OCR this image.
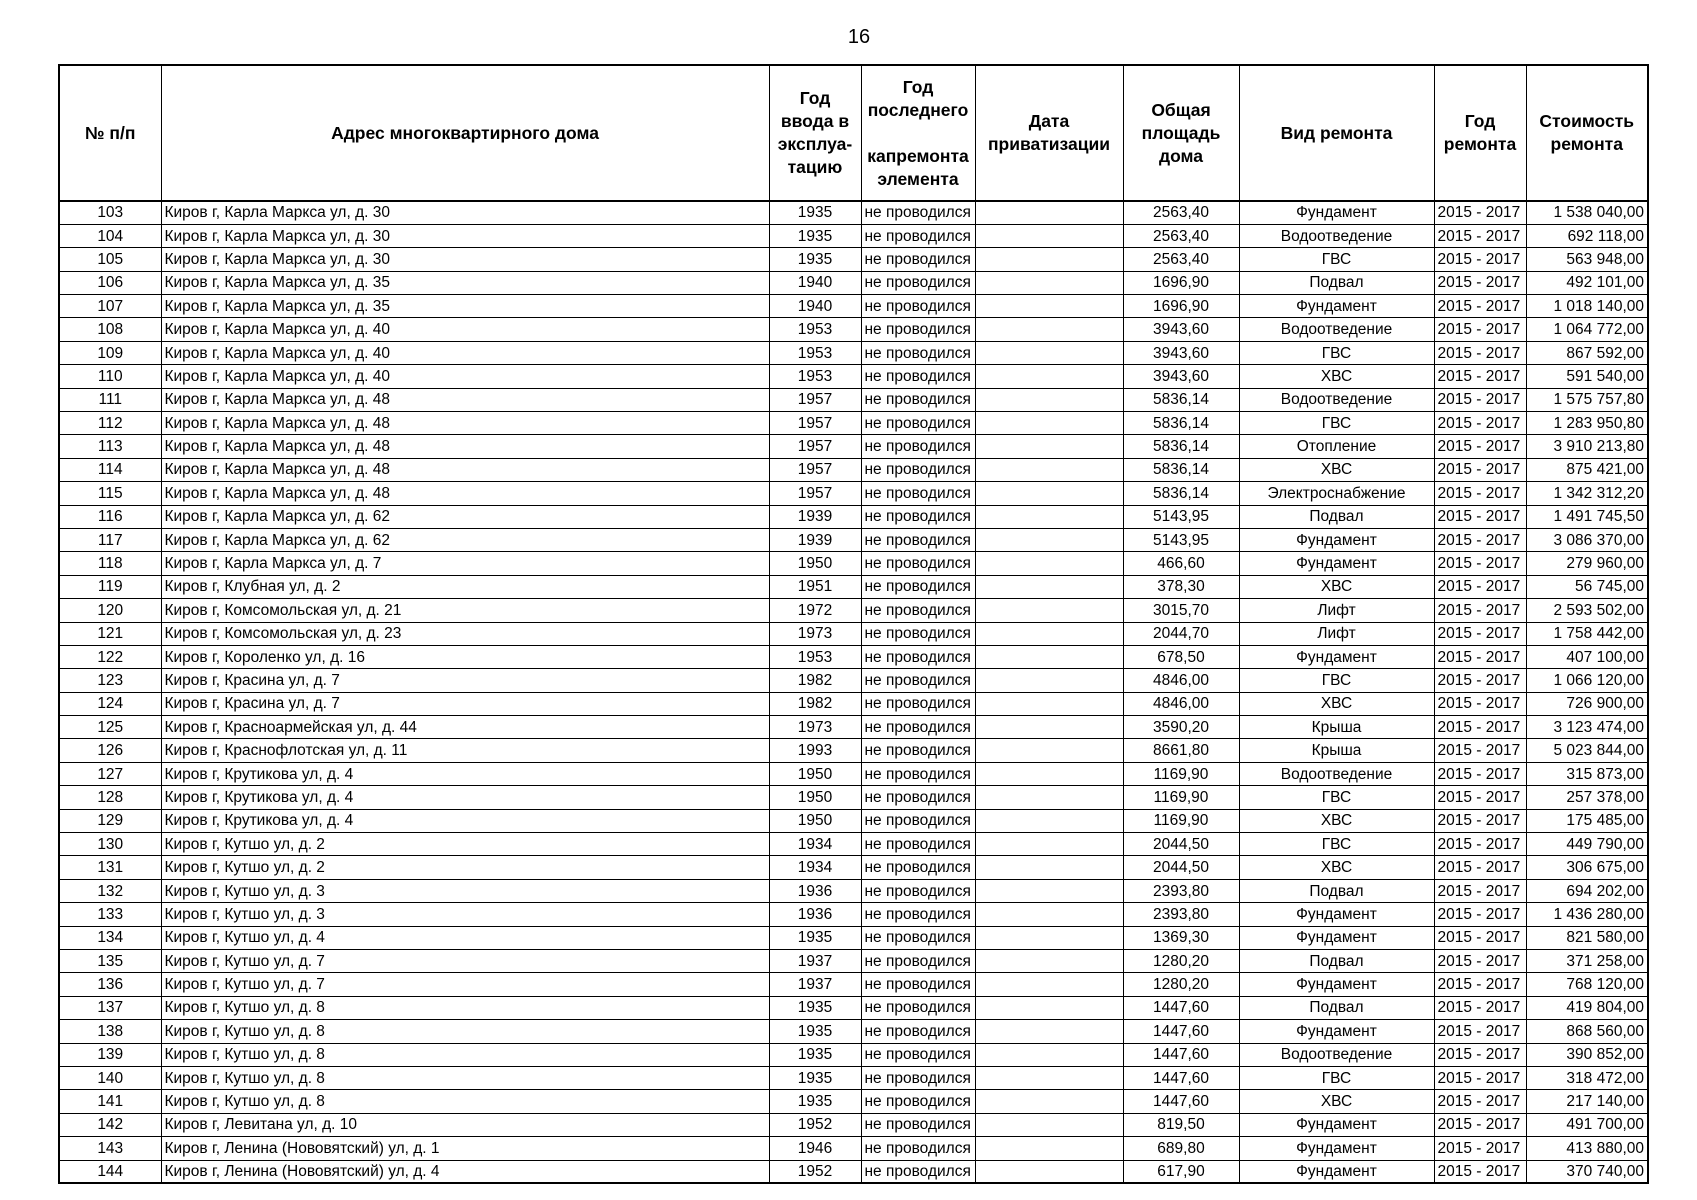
16
№ п/п	Адрес многоквартирного дома	Год ввода в эксплуа- тацию	Год последнего
капремонта элемента	Дата приватизации	Общая площадь дома	Вид ремонта	Год ремонта	Стоимость ремонта
103	Киров г, Карла Маркса ул, д. 30	1935	не проводился		2563,40	Фундамент	2015 - 2017	1 538 040,00
104	Киров г, Карла Маркса ул, д. 30	1935	не проводился		2563,40	Водоотведение	2015 - 2017	692 118,00
105	Киров г, Карла Маркса ул, д. 30	1935	не проводился		2563,40	ГВС	2015 - 2017	563 948,00
106	Киров г, Карла Маркса ул, д. 35	1940	не проводился		1696,90	Подвал	2015 - 2017	492 101,00
107	Киров г, Карла Маркса ул, д. 35	1940	не проводился		1696,90	Фундамент	2015 - 2017	1 018 140,00
108	Киров г, Карла Маркса ул, д. 40	1953	не проводился		3943,60	Водоотведение	2015 - 2017	1 064 772,00
109	Киров г, Карла Маркса ул, д. 40	1953	не проводился		3943,60	ГВС	2015 - 2017	867 592,00
110	Киров г, Карла Маркса ул, д. 40	1953	не проводился		3943,60	ХВС	2015 - 2017	591 540,00
111	Киров г, Карла Маркса ул, д. 48	1957	не проводился		5836,14	Водоотведение	2015 - 2017	1 575 757,80
112	Киров г, Карла Маркса ул, д. 48	1957	не проводился		5836,14	ГВС	2015 - 2017	1 283 950,80
113	Киров г, Карла Маркса ул, д. 48	1957	не проводился		5836,14	Отопление	2015 - 2017	3 910 213,80
114	Киров г, Карла Маркса ул, д. 48	1957	не проводился		5836,14	ХВС	2015 - 2017	875 421,00
115	Киров г, Карла Маркса ул, д. 48	1957	не проводился		5836,14	Электроснабжение	2015 - 2017	1 342 312,20
116	Киров г, Карла Маркса ул, д. 62	1939	не проводился		5143,95	Подвал	2015 - 2017	1 491 745,50
117	Киров г, Карла Маркса ул, д. 62	1939	не проводился		5143,95	Фундамент	2015 - 2017	3 086 370,00
118	Киров г, Карла Маркса ул, д. 7	1950	не проводился		466,60	Фундамент	2015 - 2017	279 960,00
119	Киров г, Клубная ул, д. 2	1951	не проводился		378,30	ХВС	2015 - 2017	56 745,00
120	Киров г, Комсомольская ул, д. 21	1972	не проводился		3015,70	Лифт	2015 - 2017	2 593 502,00
121	Киров г, Комсомольская ул, д. 23	1973	не проводился		2044,70	Лифт	2015 - 2017	1 758 442,00
122	Киров г, Короленко ул, д. 16	1953	не проводился		678,50	Фундамент	2015 - 2017	407 100,00
123	Киров г, Красина ул, д. 7	1982	не проводился		4846,00	ГВС	2015 - 2017	1 066 120,00
124	Киров г, Красина ул, д. 7	1982	не проводился		4846,00	ХВС	2015 - 2017	726 900,00
125	Киров г, Красноармейская ул, д. 44	1973	не проводился		3590,20	Крыша	2015 - 2017	3 123 474,00
126	Киров г, Краснофлотская ул, д. 11	1993	не проводился		8661,80	Крыша	2015 - 2017	5 023 844,00
127	Киров г, Крутикова ул, д. 4	1950	не проводился		1169,90	Водоотведение	2015 - 2017	315 873,00
128	Киров г, Крутикова ул, д. 4	1950	не проводился		1169,90	ГВС	2015 - 2017	257 378,00
129	Киров г, Крутикова ул, д. 4	1950	не проводился		1169,90	ХВС	2015 - 2017	175 485,00
130	Киров г, Кутшо ул, д. 2	1934	не проводился		2044,50	ГВС	2015 - 2017	449 790,00
131	Киров г, Кутшо ул, д. 2	1934	не проводился		2044,50	ХВС	2015 - 2017	306 675,00
132	Киров г, Кутшо ул, д. 3	1936	не проводился		2393,80	Подвал	2015 - 2017	694 202,00
133	Киров г, Кутшо ул, д. 3	1936	не проводился		2393,80	Фундамент	2015 - 2017	1 436 280,00
134	Киров г, Кутшо ул, д. 4	1935	не проводился		1369,30	Фундамент	2015 - 2017	821 580,00
135	Киров г, Кутшо ул, д. 7	1937	не проводился		1280,20	Подвал	2015 - 2017	371 258,00
136	Киров г, Кутшо ул, д. 7	1937	не проводился		1280,20	Фундамент	2015 - 2017	768 120,00
137	Киров г, Кутшо ул, д. 8	1935	не проводился		1447,60	Подвал	2015 - 2017	419 804,00
138	Киров г, Кутшо ул, д. 8	1935	не проводился		1447,60	Фундамент	2015 - 2017	868 560,00
139	Киров г, Кутшо ул, д. 8	1935	не проводился		1447,60	Водоотведение	2015 - 2017	390 852,00
140	Киров г, Кутшо ул, д. 8	1935	не проводился		1447,60	ГВС	2015 - 2017	318 472,00
141	Киров г, Кутшо ул, д. 8	1935	не проводился		1447,60	ХВС	2015 - 2017	217 140,00
142	Киров г, Левитана ул, д. 10	1952	не проводился		819,50	Фундамент	2015 - 2017	491 700,00
143	Киров г, Ленина (Нововятский) ул, д. 1	1946	не проводился		689,80	Фундамент	2015 - 2017	413 880,00
144	Киров г, Ленина (Нововятский) ул, д. 4	1952	не проводился		617,90	Фундамент	2015 - 2017	370 740,00
